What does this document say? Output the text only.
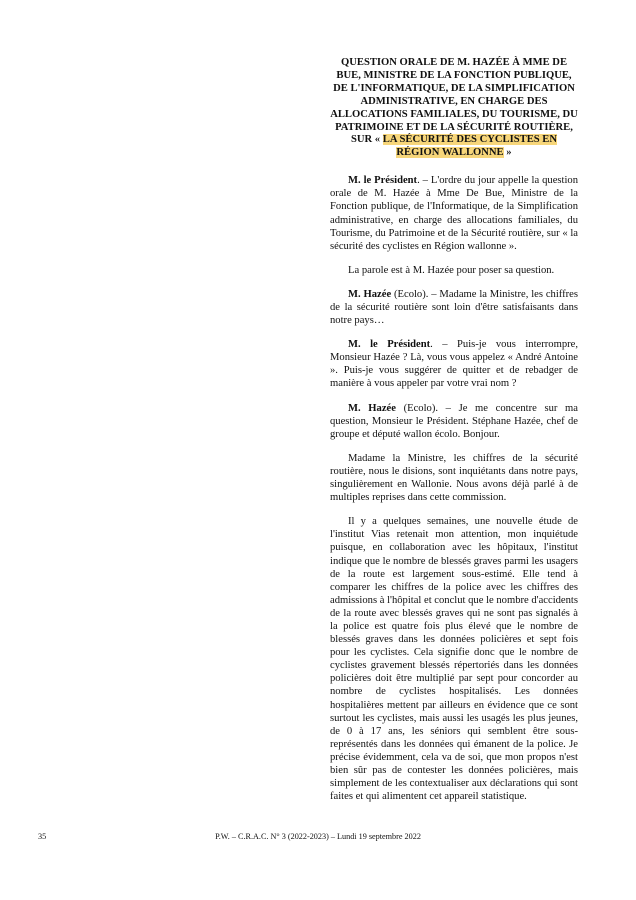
QUESTION ORALE DE M. HAZÉE À MME DE BUE, MINISTRE DE LA FONCTION PUBLIQUE, DE L'INFORMATIQUE, DE LA SIMPLIFICATION ADMINISTRATIVE, EN CHARGE DES ALLOCATIONS FAMILIALES, DU TOURISME, DU PATRIMOINE ET DE LA SÉCURITÉ ROUTIÈRE, SUR « LA SÉCURITÉ DES CYCLISTES EN RÉGION WALLONNE »

M. le Président. – L'ordre du jour appelle la question orale de M. Hazée à Mme De Bue, Ministre de la Fonction publique, de l'Informatique, de la Simplification administrative, en charge des allocations familiales, du Tourisme, du Patrimoine et de la Sécurité routière, sur « la sécurité des cyclistes en Région wallonne ».

La parole est à M. Hazée pour poser sa question.

M. Hazée (Ecolo). – Madame la Ministre, les chiffres de la sécurité routière sont loin d'être satisfaisants dans notre pays…

M. le Président. – Puis-je vous interrompre, Monsieur Hazée ? Là, vous vous appelez « André Antoine ». Puis-je vous suggérer de quitter et de rebadger de manière à vous appeler par votre vrai nom ?

M. Hazée (Ecolo). – Je me concentre sur ma question, Monsieur le Président. Stéphane Hazée, chef de groupe et député wallon écolo. Bonjour.

Madame la Ministre, les chiffres de la sécurité routière, nous le disions, sont inquiétants dans notre pays, singulièrement en Wallonie. Nous avons déjà parlé à de multiples reprises dans cette commission.

Il y a quelques semaines, une nouvelle étude de l'institut Vias retenait mon attention, mon inquiétude puisque, en collaboration avec les hôpitaux, l'institut indique que le nombre de blessés graves parmi les usagers de la route est largement sous-estimé. Elle tend à comparer les chiffres de la police avec les chiffres des admissions à l'hôpital et conclut que le nombre d'accidents de la route avec blessés graves qui ne sont pas signalés à la police est quatre fois plus élevé que le nombre de blessés graves dans les données policières et sept fois pour les cyclistes. Cela signifie donc que le nombre de cyclistes gravement blessés répertoriés dans les données policières doit être multiplié par sept pour concorder au nombre de cyclistes hospitalisés. Les données hospitalières mettent par ailleurs en évidence que ce sont surtout les cyclistes, mais aussi les usagés les plus jeunes, de 0 à 17 ans, les séniors qui semblent être sous-représentés dans les données qui émanent de la police. Je précise évidemment, cela va de soi, que mon propos n'est bien sûr pas de contester les données policières, mais simplement de les contextualiser aux déclarations qui sont faites et qui alimentent cet appareil statistique.

35	P.W. – C.R.A.C. N° 3 (2022-2023) – Lundi 19 septembre 2022
